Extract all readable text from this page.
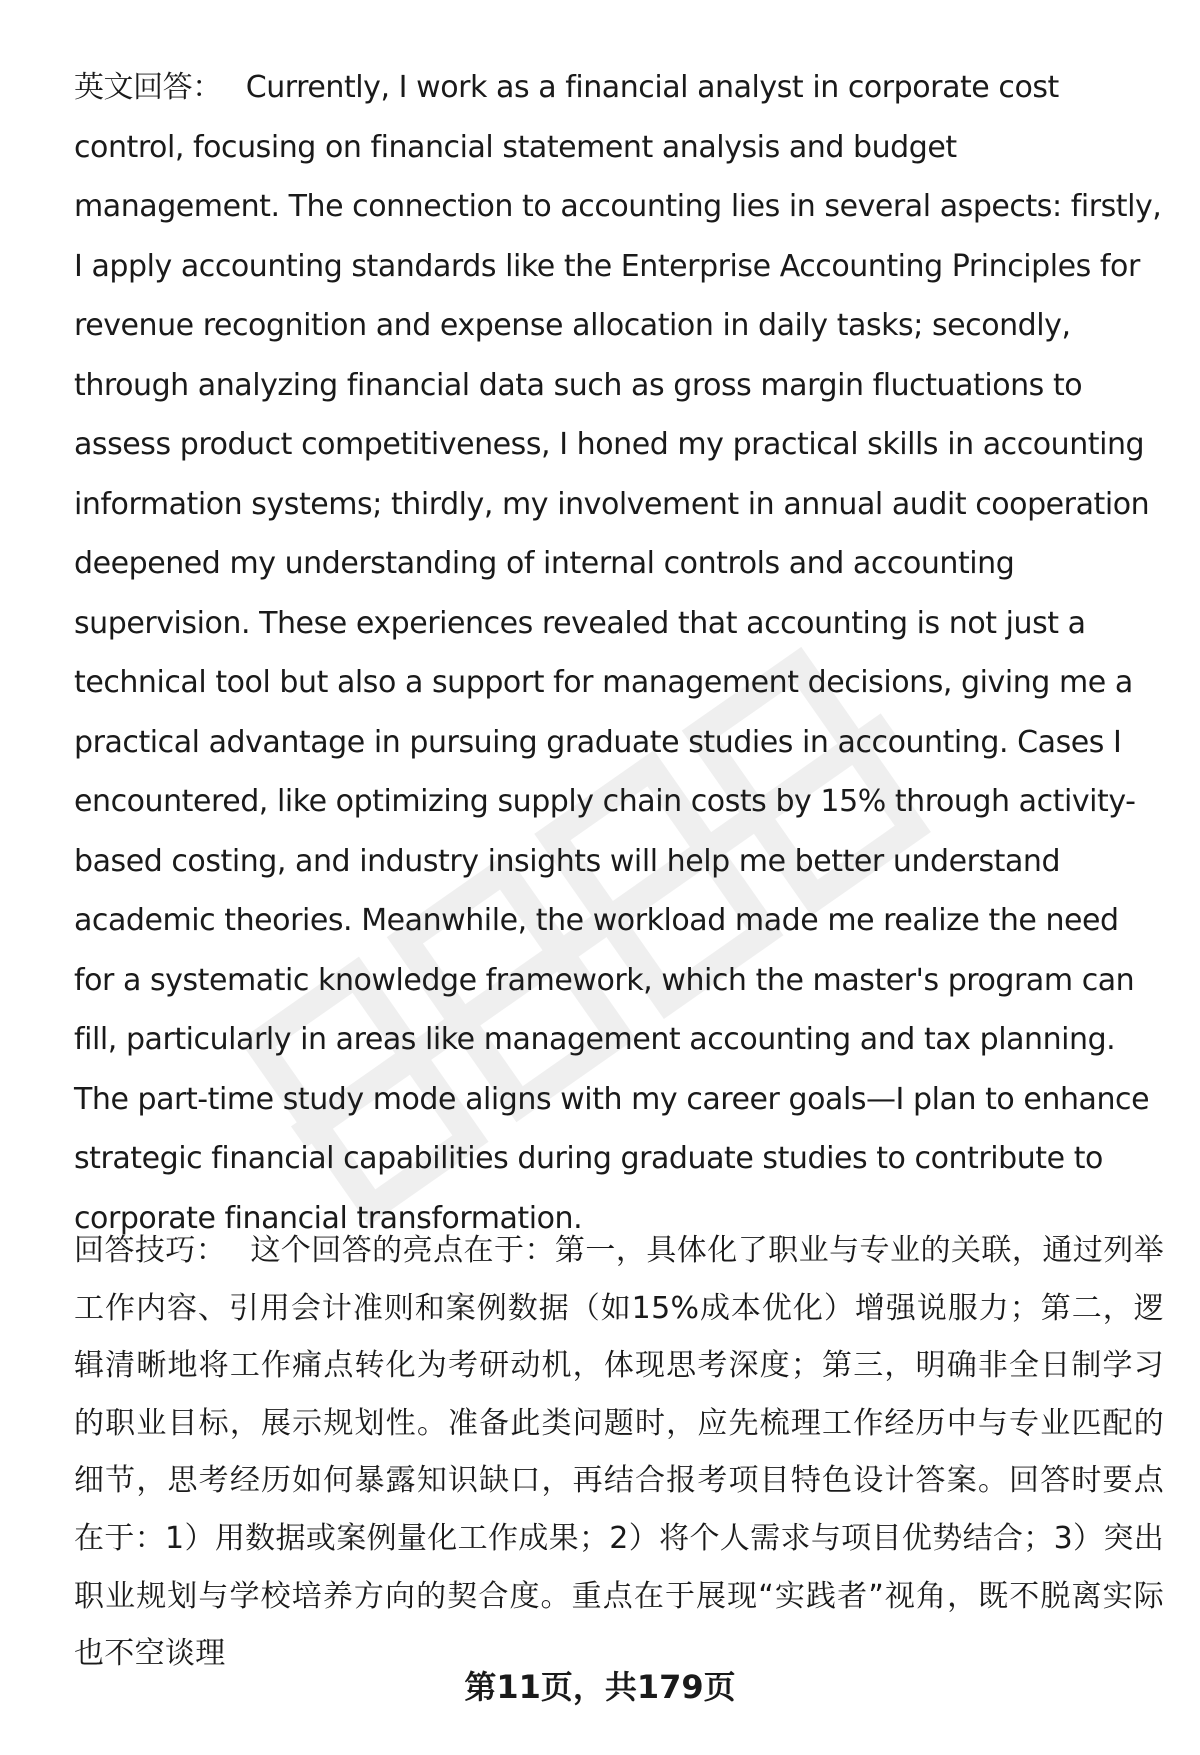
英文回答： Currently, I work as a financial analyst in corporate cost control, focusing on financial statement analysis and budget management. The connection to accounting lies in several aspects: firstly, I apply accounting standards like the Enterprise Accounting Principles for revenue recognition and expense allocation in daily tasks; secondly, through analyzing financial data such as gross margin fluctuations to assess product competitiveness, I honed my practical skills in accounting information systems; thirdly, my involvement in annual audit cooperation deepened my understanding of internal controls and accounting supervision. These experiences revealed that accounting is not just a technical tool but also a support for management decisions, giving me a practical advantage in pursuing graduate studies in accounting. Cases I encountered, like optimizing supply chain costs by 15% through activity-based costing, and industry insights will help me better understand academic theories. Meanwhile, the workload made me realize the need for a systematic knowledge framework, which the master's program can fill, particularly in areas like management accounting and tax planning. The part-time study mode aligns with my career goals—I plan to enhance strategic financial capabilities during graduate studies to contribute to corporate financial transformation.

回答技巧： 这个回答的亮点在于：第一，具体化了职业与专业的关联，通过列举工作内容、引用会计准则和案例数据（如15%成本优化）增强说服力；第二，逻辑清晰地将工作痛点转化为考研动机，体现思考深度；第三，明确非全日制学习的职业目标，展示规划性。准备此类问题时，应先梳理工作经历中与专业匹配的细节，思考经历如何暴露知识缺口，再结合报考项目特色设计答案。回答时要点在于：1）用数据或案例量化工作成果；2）将个人需求与项目优势结合；3）突出职业规划与学校培养方向的契合度。重点在于展现“实践者”视角，既不脱离实际也不空谈理

第11页，共179页
